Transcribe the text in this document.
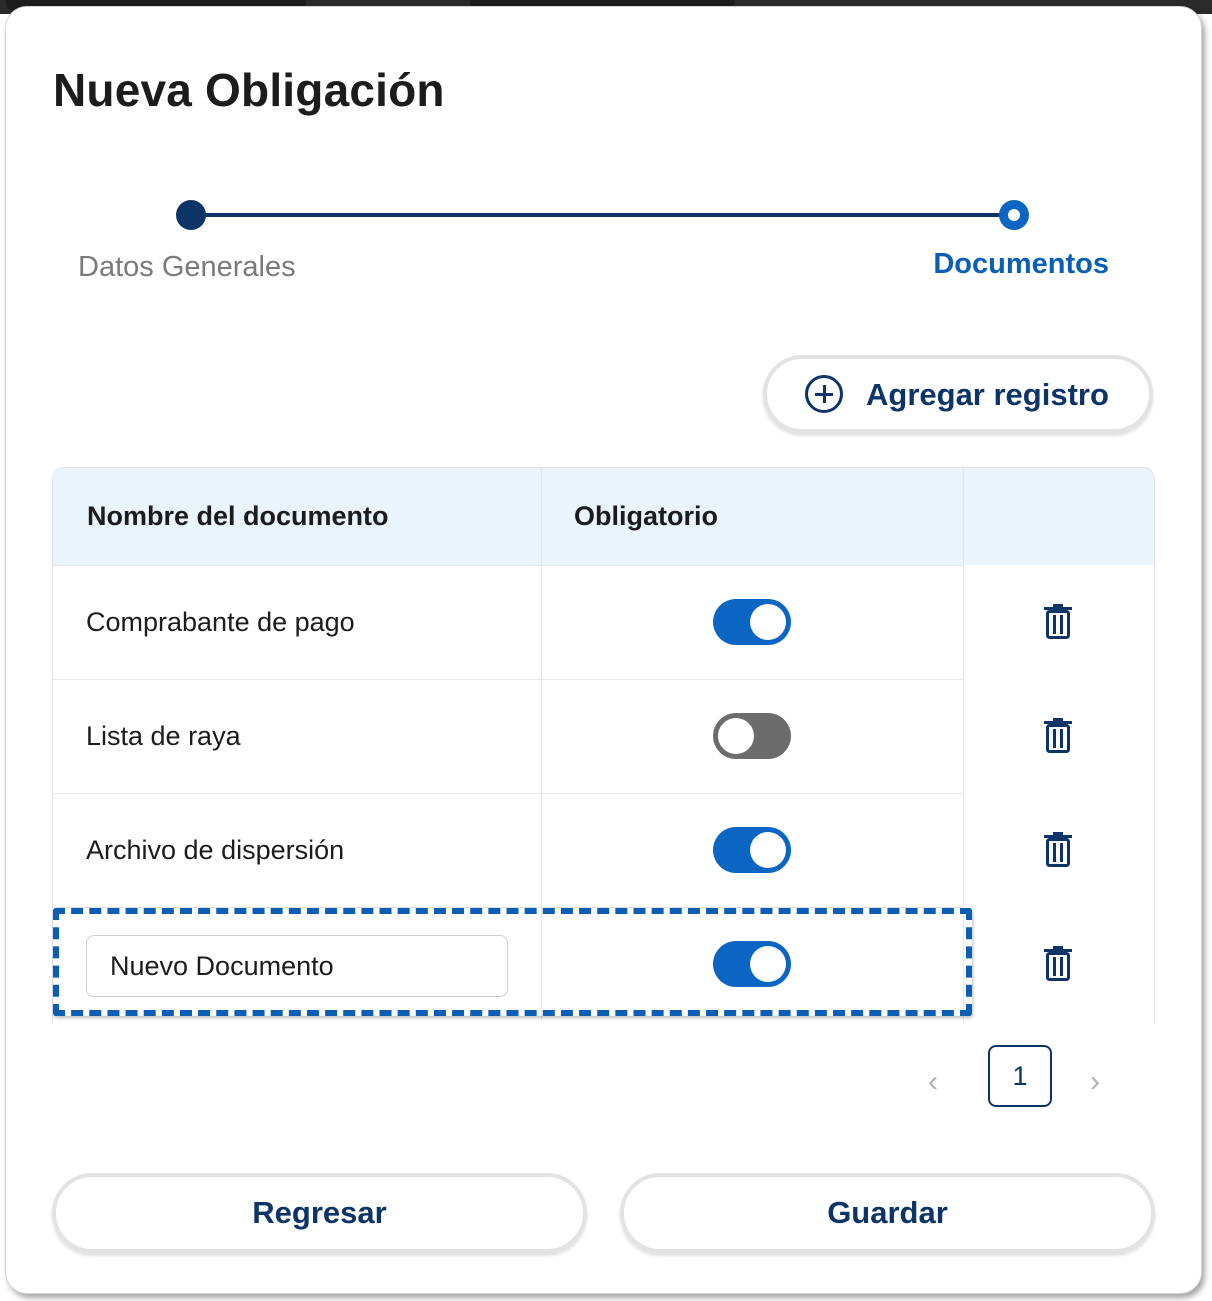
Nueva Obligación
Datos Generales	Documentos
Agregar registro
Nombre del documento	Obligatorio
Comprabante de pago
Lista de raya
Archivo de dispersión
Nuevo Documento
‹	1	›
Regresar	Guardar
